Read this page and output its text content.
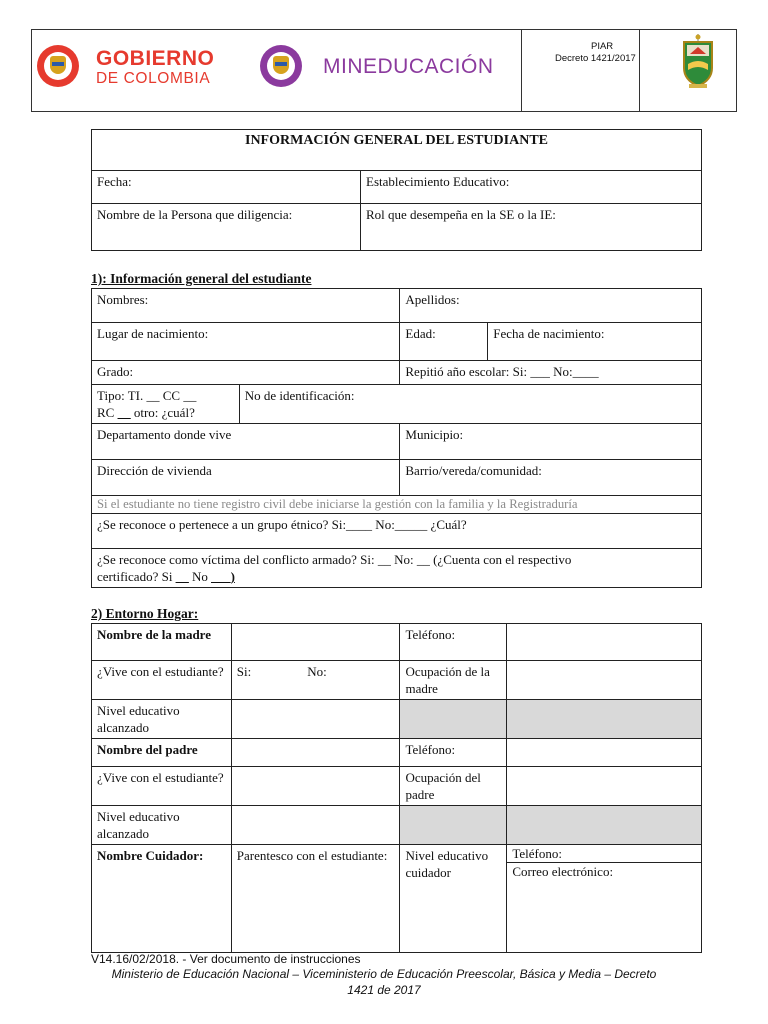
GOBIERNO
DE COLOMBIA
MINEDUCACIÓN
PIAR
Decreto 1421/2017
INFORMACIÓN GENERAL DEL ESTUDIANTE	
Fecha:	Establecimiento Educativo:
Nombre de la Persona que diligencia:	Rol que desempeña en la SE o la IE:
1): Información general del estudiante
Nombres:		Apellidos:	
Lugar de nacimiento:		Edad:	Fecha de nacimiento:
Grado:		Repitió año escolar: Si: ___ No:____	

Tipo: TI. __ CC __
RC __ otro: ¿cuál?	No de identificación:		
Departamento donde vive		Municipio:	
Dirección de vivienda		Barrio/vereda/comunidad:	
Si el estudiante no tiene registro civil debe iniciarse la gestión con la familia y la Registraduría			
¿Se reconoce o pertenece a un grupo étnico? Si:____ No:_____ ¿Cuál?			

¿Se reconoce como víctima del conflicto armado? Si: __ No: __ (¿Cuenta con el respectivo
certificado? Si __ No ___)			
2) Entorno Hogar:
Nombre de la madre		Teléfono:	
¿Vive con el estudiante?	Si: No:	Ocupación de la madre	
Nivel educativo alcanzado			
Nombre del padre		Teléfono:	
¿Vive con el estudiante?		Ocupación del padre	
Nivel educativo alcanzado			
Nombre Cuidador:	Parentesco con el estudiante:	Nivel educativo cuidador	Teléfono:
Correo electrónico:
V14.16/02/2018. - Ver documento de instrucciones
Ministerio de Educación Nacional – Viceministerio de Educación Preescolar, Básica y Media – Decreto
1421 de 2017
